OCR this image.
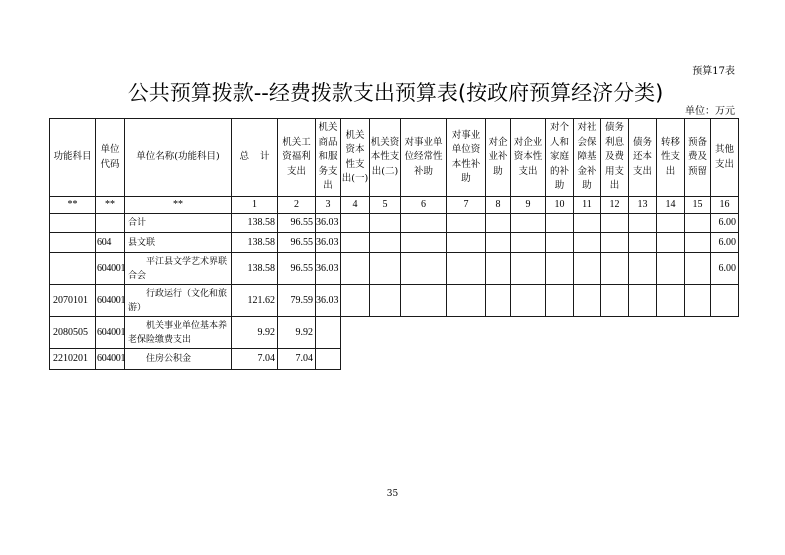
预算17表
公共预算拨款--经费拨款支出预算表(按政府预算经济分类)
单位：万元
功能科目	单位代码	单位名称(功能科目)	总 计	机关工资福利支出	机关商品和服务支出	机关资本性支出(一)	机关资本性支出(二)	对事业单位经常性补助	对事业单位资本性补助	对企业补助	对企业资本性支出	对个人和家庭的补助	对社会保障基金补助	债务利息及费用支出	债务还本支出	转移性支出	预备费及预留	其他支出
**	**	**	1	2	3	4	5	6	7	8	9	10	11	12	13	14	15	16
		合计	138.58	96.55	36.03													6.00
	604	县文联	138.58	96.55	36.03													6.00
	604001	平江县文学艺术界联合会	138.58	96.55	36.03													6.00
2070101	604001	行政运行（文化和旅游）	121.62	79.59	36.03													
2080505	604001	机关事业单位基本养老保险缴费支出	9.92	9.92														
2210201	604001	住房公积金	7.04	7.04														
35
